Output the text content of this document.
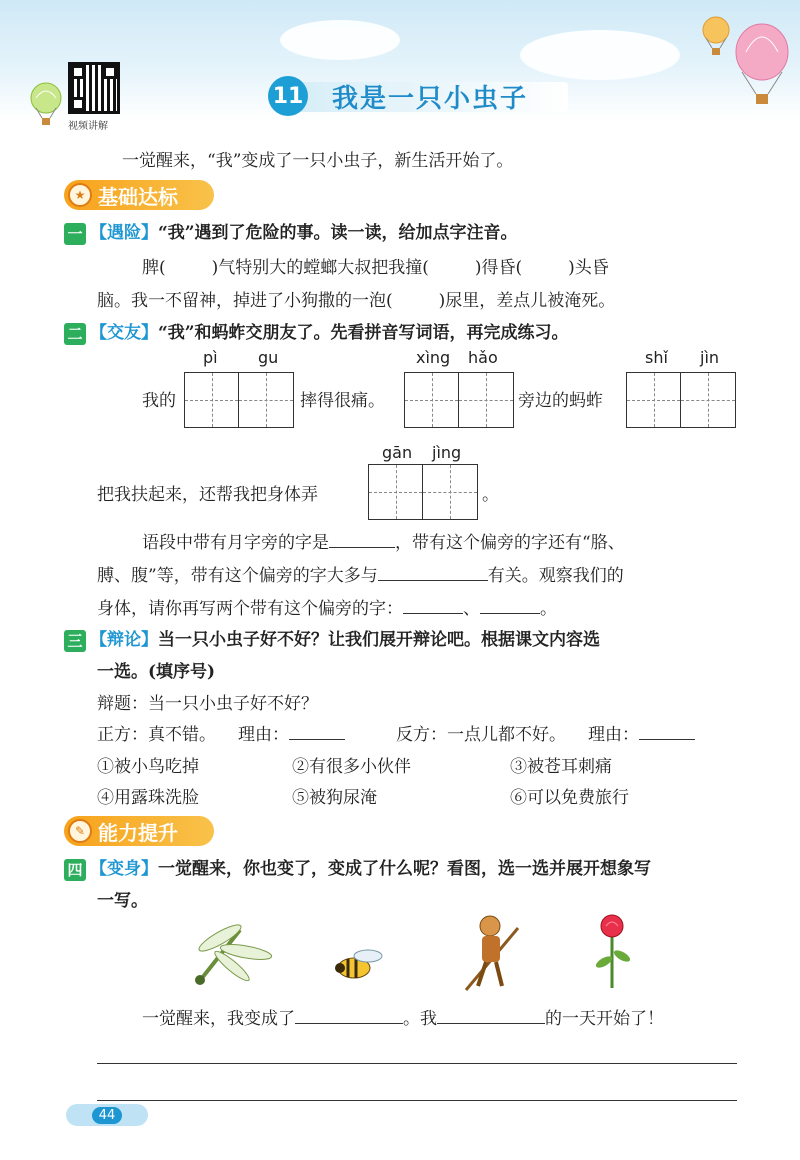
视频讲解
11 我是一只小虫子
一觉醒来，“我”变成了一只小虫子，新生活开始了。
★ 基础达标
一 【遇险】“我”遇到了危险的事。读一读，给加点字注音。
脾(	)气特别大的螳螂大叔把我撞(	)得昏(	)头昏
脑。我一不留神，掉进了小狗撒的一泡(	)尿里，差点儿被淹死。
二 【交友】“我”和蚂蚱交朋友了。先看拼音写词语，再完成练习。
pì	gu	xìng hǎo	shǐ jìn
我的	摔得很痛。	旁边的蚂蚱
gān jìng
把我扶起来，还帮我把身体弄	。
语段中带有月字旁的字是	，带有这个偏旁的字还有“胳、
膊、腹”等，带有这个偏旁的字大多与	有关。观察我们的
身体，请你再写两个带有这个偏旁的字：	、	。
三 【辩论】当一只小虫子好不好？让我们展开辩论吧。根据课文内容选
一选。(填序号)
辩题：当一只小虫子好不好？
正方：真不错。 理由：	反方：一点儿都不好。 理由：
①被小鸟吃掉	②有很多小伙伴	③被苍耳刺痛
④用露珠洗脸	⑤被狗尿淹	⑥可以免费旅行
✎ 能力提升
四 【变身】一觉醒来，你也变了，变成了什么呢？看图，选一选并展开想象写
一写。
一觉醒来，我变成了	。我	的一天开始了！
44
